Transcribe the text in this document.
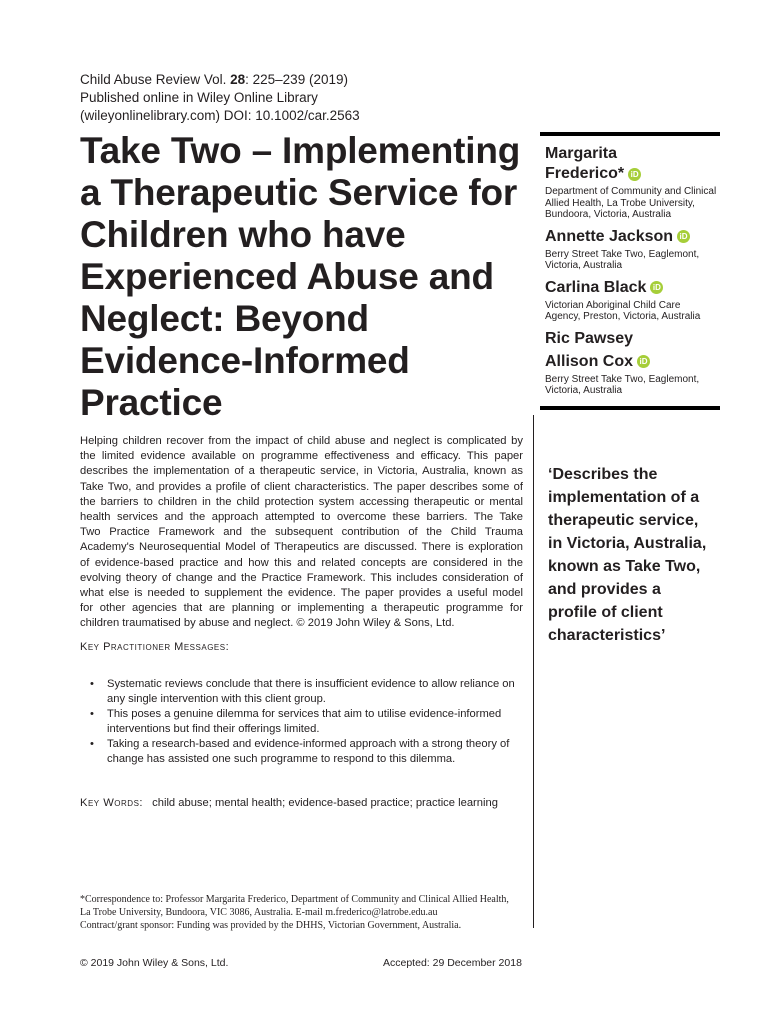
Child Abuse Review Vol. 28: 225–239 (2019)
Published online in Wiley Online Library
(wileyonlinelibrary.com) DOI: 10.1002/car.2563
Take Two – Implementing
a Therapeutic Service for
Children who have
Experienced Abuse and
Neglect: Beyond
Evidence-Informed
Practice
Margarita
Frederico* iD
Department of Community and Clinical
Allied Health, La Trobe University,
Bundoora, Victoria, Australia
Annette Jackson iD
Berry Street Take Two, Eaglemont,
Victoria, Australia
Carlina Black iD
Victorian Aboriginal Child Care
Agency, Preston, Victoria, Australia
Ric Pawsey
Allison Cox iD
Berry Street Take Two, Eaglemont,
Victoria, Australia
Helping children recover from the impact of child abuse and neglect is complicated by
the limited evidence available on programme effectiveness and efficacy. This paper
describes the implementation of a therapeutic service, in Victoria, Australia, known as
Take Two, and provides a profile of client characteristics. The paper describes some of
the barriers to children in the child protection system accessing therapeutic or mental
health services and the approach attempted to overcome these barriers. The Take
Two Practice Framework and the subsequent contribution of the Child Trauma
Academy's Neurosequential Model of Therapeutics are discussed. There is exploration
of evidence-based practice and how this and related concepts are considered in the
evolving theory of change and the Practice Framework. This includes consideration of
what else is needed to supplement the evidence. The paper provides a useful model
for other agencies that are planning or implementing a therapeutic programme for
children traumatised by abuse and neglect. © 2019 John Wiley & Sons, Ltd.
Key Practitioner Messages:
• Systematic reviews conclude that there is insufficient evidence to allow reliance on
any single intervention with this client group.
• This poses a genuine dilemma for services that aim to utilise evidence-informed
interventions but find their offerings limited.
• Taking a research-based and evidence-informed approach with a strong theory of
change has assisted one such programme to respond to this dilemma.
Key Words: child abuse; mental health; evidence-based practice; practice learning
*Correspondence to: Professor Margarita Frederico, Department of Community and Clinical Allied Health,
La Trobe University, Bundoora, VIC 3086, Australia. E-mail m.frederico@latrobe.edu.au
Contract/grant sponsor: Funding was provided by the DHHS, Victorian Government, Australia.
© 2019 John Wiley & Sons, Ltd.	Accepted: 29 December 2018
‘Describes the
implementation of a
therapeutic service,
in Victoria, Australia,
known as Take Two,
and provides a
profile of client
characteristics’
